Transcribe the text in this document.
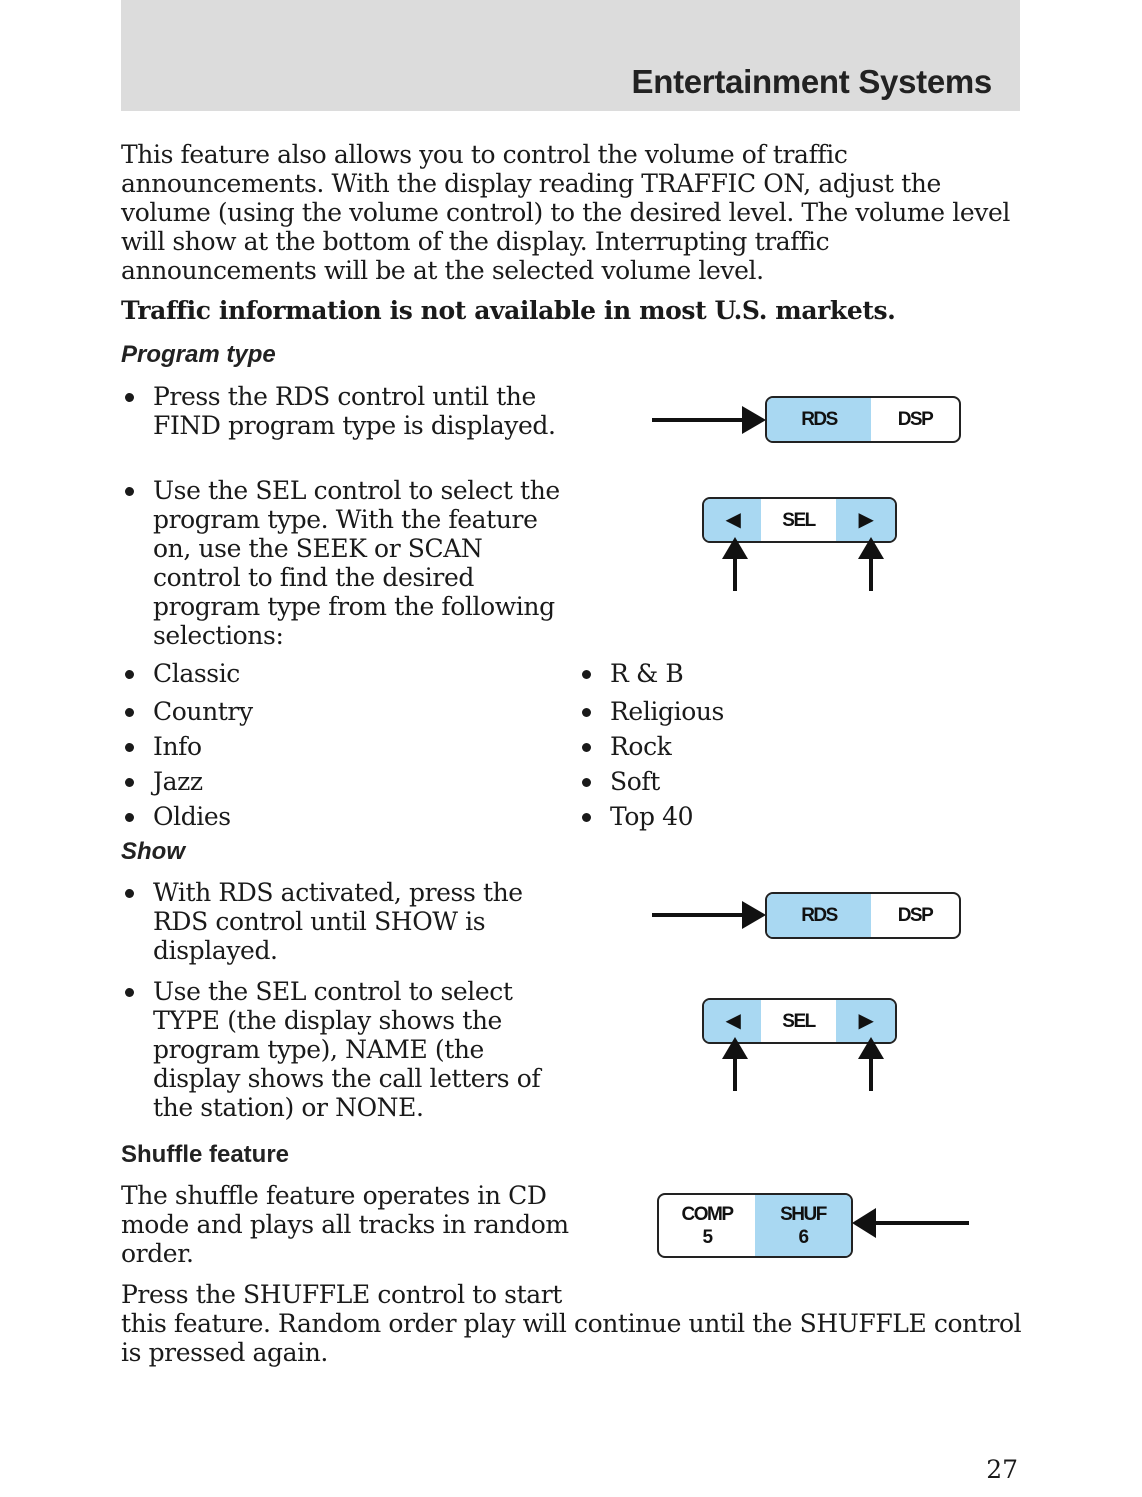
Entertainment Systems
This feature also allows you to control the volume of traffic
announcements. With the display reading TRAFFIC ON, adjust the
volume (using the volume control) to the desired level. The volume level
will show at the bottom of the display. Interrupting traffic
announcements will be at the selected volume level.
Traffic information is not available in most U.S. markets.
Program type
Press the RDS control until the
FIND program type is displayed.
Use the SEL control to select the
program type. With the feature
on, use the SEEK or SCAN
control to find the desired
program type from the following
selections:
Classic
Country
Info
Jazz
Oldies
R & B
Religious
Rock
Soft
Top 40
Show
With RDS activated, press the
RDS control until SHOW is
displayed.
Use the SEL control to select
TYPE (the display shows the
program type), NAME (the
display shows the call letters of
the station) or NONE.
Shuffle feature
The shuffle feature operates in CD
mode and plays all tracks in random
order.
Press the SHUFFLE control to start
this feature. Random order play will continue until the SHUFFLE control
is pressed again.
27
RDS	DSP
◀	SEL	▶
RDS	DSP
◀	SEL	▶
COMP
5
SHUF
6
